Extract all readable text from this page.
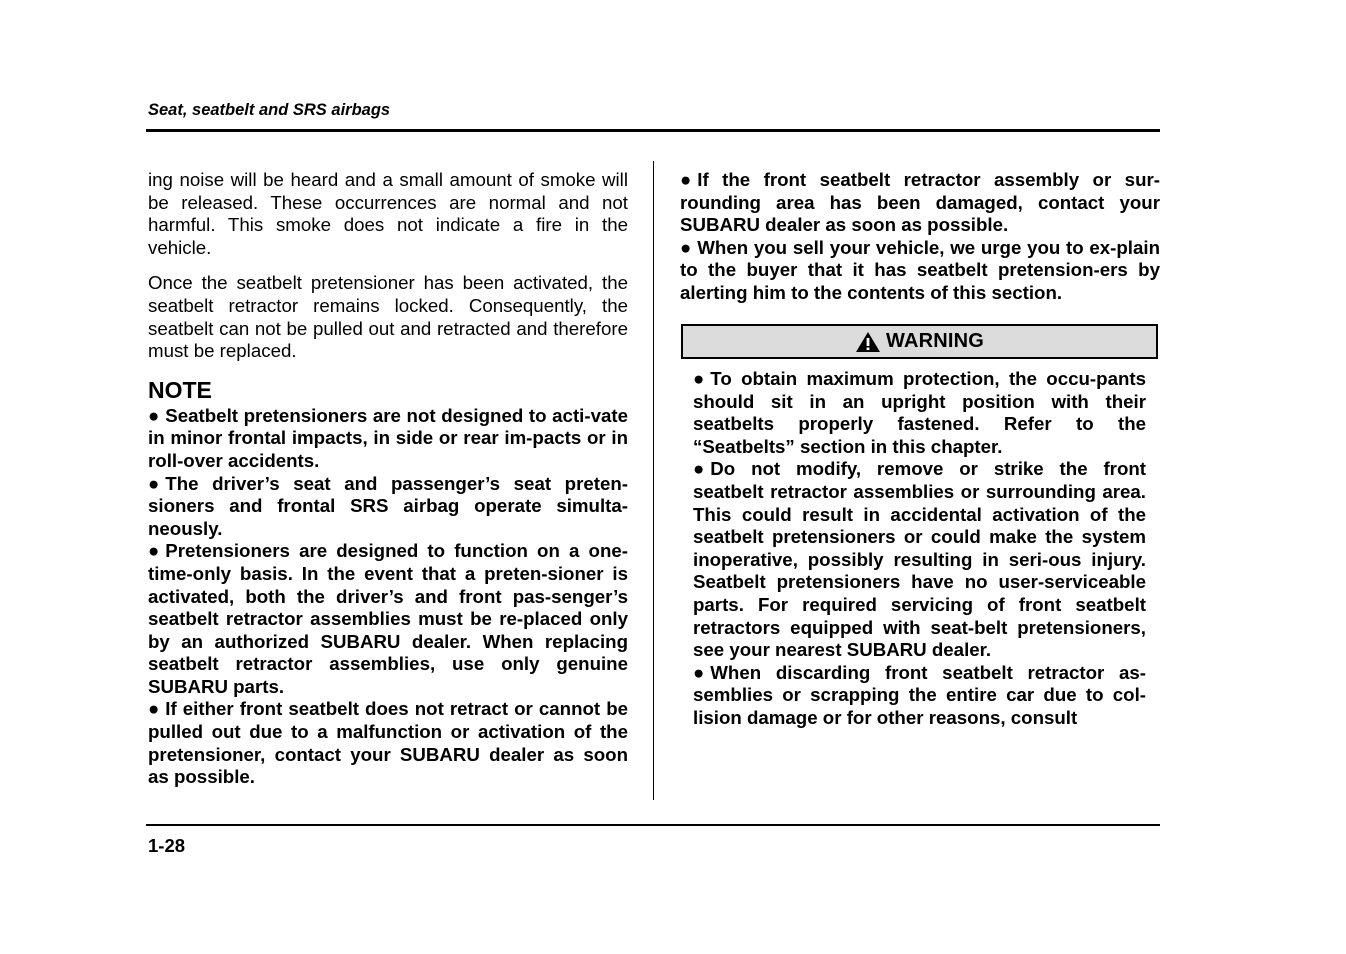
Seat, seatbelt and SRS airbags

ing noise will be heard and a small amount of smoke will be released. These occurrences are normal and not harmful. This smoke does not indicate a fire in the vehicle.

Once the seatbelt pretensioner has been activated, the seatbelt retractor remains locked. Consequently, the seatbelt can not be pulled out and retracted and therefore must be replaced.

NOTE

● Seatbelt pretensioners are not designed to acti-vate in minor frontal impacts, in side or rear im-pacts or in roll-over accidents.

● The driver’s seat and passenger’s seat preten-sioners and frontal SRS airbag operate simulta-neously.

● Pretensioners are designed to function on a one-time-only basis. In the event that a preten-sioner is activated, both the driver’s and front pas-senger’s seatbelt retractor assemblies must be re-placed only by an authorized SUBARU dealer. When replacing seatbelt retractor assemblies, use only genuine SUBARU parts.

● If either front seatbelt does not retract or cannot be pulled out due to a malfunction or activation of the pretensioner, contact your SUBARU dealer as soon as possible.

● If the front seatbelt retractor assembly or sur-rounding area has been damaged, contact your SUBARU dealer as soon as possible.

● When you sell your vehicle, we urge you to ex-plain to the buyer that it has seatbelt pretension-ers by alerting him to the contents of this section.

WARNING

● To obtain maximum protection, the occu-pants should sit in an upright position with their seatbelts properly fastened. Refer to the “Seatbelts” section in this chapter.

● Do not modify, remove or strike the front seatbelt retractor assemblies or surrounding area. This could result in accidental activation of the seatbelt pretensioners or could make the system inoperative, possibly resulting in seri-ous injury. Seatbelt pretensioners have no user-serviceable parts. For required servicing of front seatbelt retractors equipped with seat-belt pretensioners, see your nearest SUBARU dealer.

● When discarding front seatbelt retractor as-semblies or scrapping the entire car due to col-lision damage or for other reasons, consult

1-28
